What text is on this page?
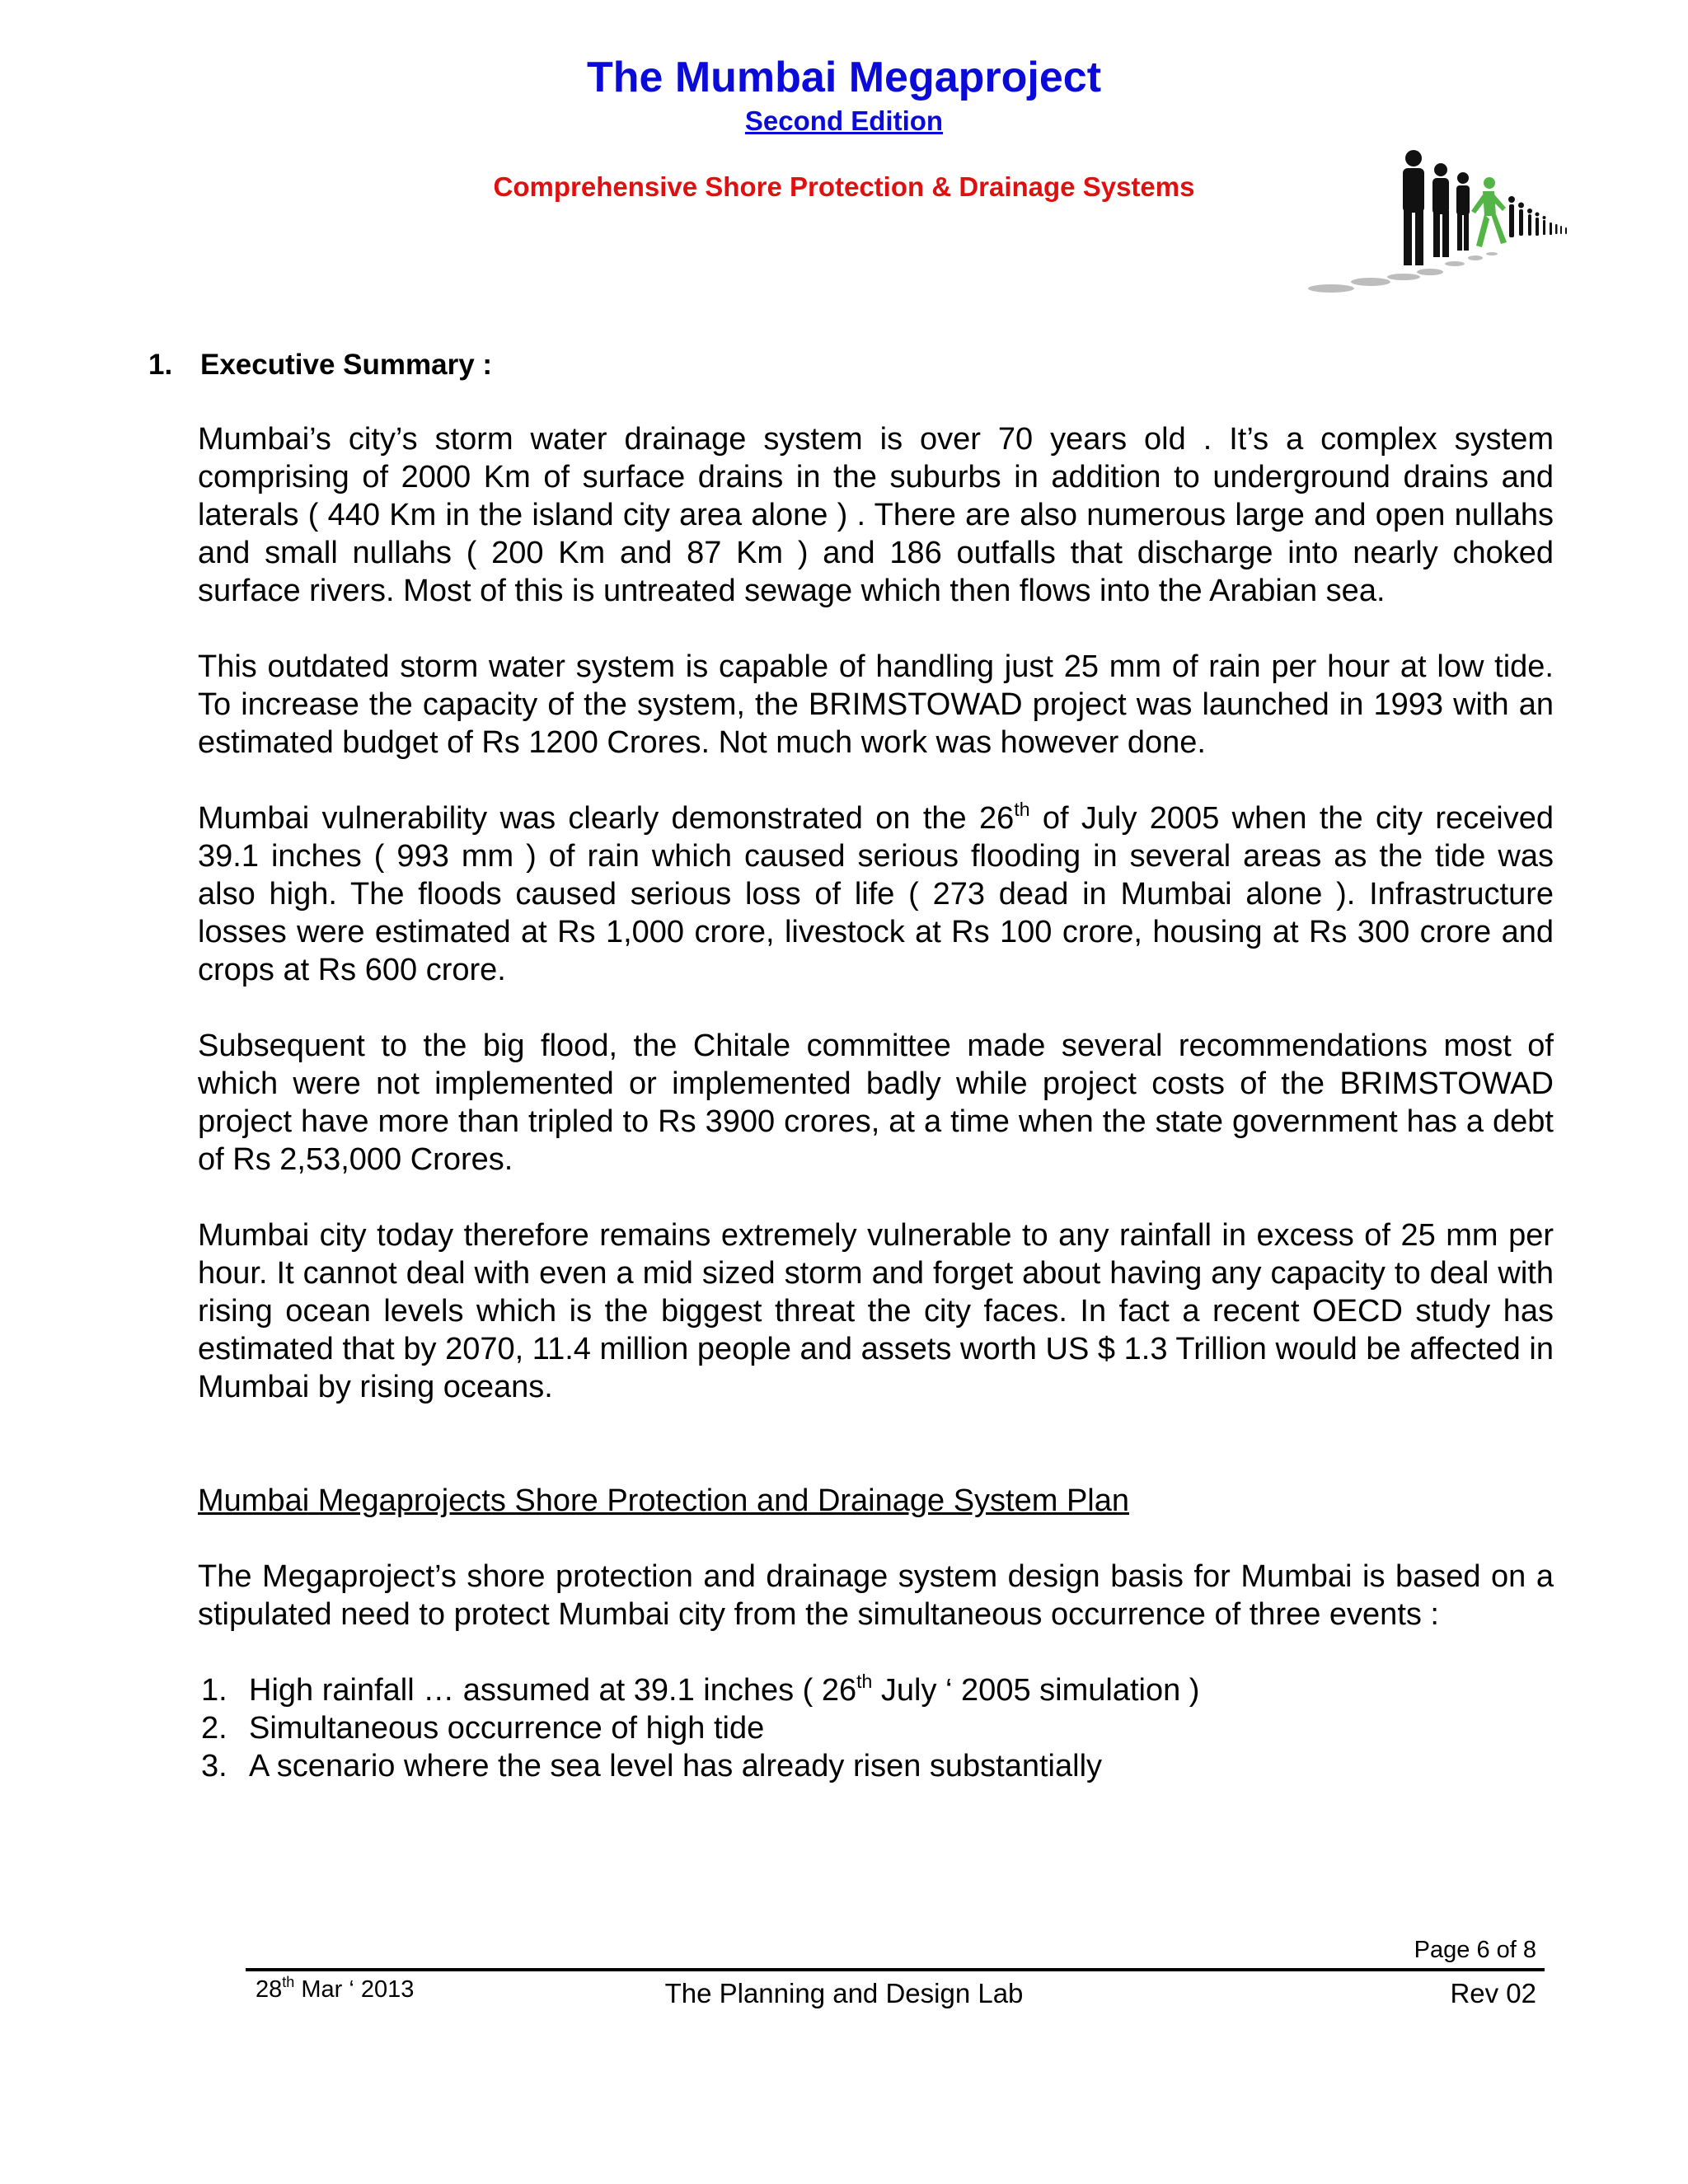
The Mumbai Megaproject
Second Edition
Comprehensive Shore Protection & Drainage Systems
1. Executive Summary :

Mumbai’s city’s storm water drainage system is over 70 years old . It’s a complex system comprising of 2000 Km of surface drains in the suburbs in addition to underground drains and laterals ( 440 Km in the island city area alone ) . There are also numerous large and open nullahs and small nullahs ( 200 Km and 87 Km ) and 186 outfalls that discharge into nearly choked surface rivers. Most of this is untreated sewage which then flows into the Arabian sea.

This outdated storm water system is capable of handling just 25 mm of rain per hour at low tide. To increase the capacity of the system, the BRIMSTOWAD project was launched in 1993 with an estimated budget of Rs 1200 Crores. Not much work was however done.

Mumbai vulnerability was clearly demonstrated on the 26th of July 2005 when the city received 39.1 inches ( 993 mm ) of rain which caused serious flooding in several areas as the tide was also high. The floods caused serious loss of life ( 273 dead in Mumbai alone ). Infrastructure losses were estimated at Rs 1,000 crore, livestock at Rs 100 crore, housing at Rs 300 crore and crops at Rs 600 crore.

Subsequent to the big flood, the Chitale committee made several recommendations most of which were not implemented or implemented badly while project costs of the BRIMSTOWAD project have more than tripled to Rs 3900 crores, at a time when the state government has a debt of Rs 2,53,000 Crores.

Mumbai city today therefore remains extremely vulnerable to any rainfall in excess of 25 mm per hour. It cannot deal with even a mid sized storm and forget about having any capacity to deal with rising ocean levels which is the biggest threat the city faces. In fact a recent OECD study has estimated that by 2070, 11.4 million people and assets worth US $ 1.3 Trillion would be affected in Mumbai by rising oceans.

Mumbai Megaprojects Shore Protection and Drainage System Plan

The Megaproject’s shore protection and drainage system design basis for Mumbai is based on a stipulated need to protect Mumbai city from the simultaneous occurrence of three events :

1. High rainfall … assumed at 39.1 inches ( 26th July ‘ 2005 simulation )
2. Simultaneous occurrence of high tide
3. A scenario where the sea level has already risen substantially
Page 6 of 8
28th Mar ‘ 2013	The Planning and Design Lab	Rev 02
